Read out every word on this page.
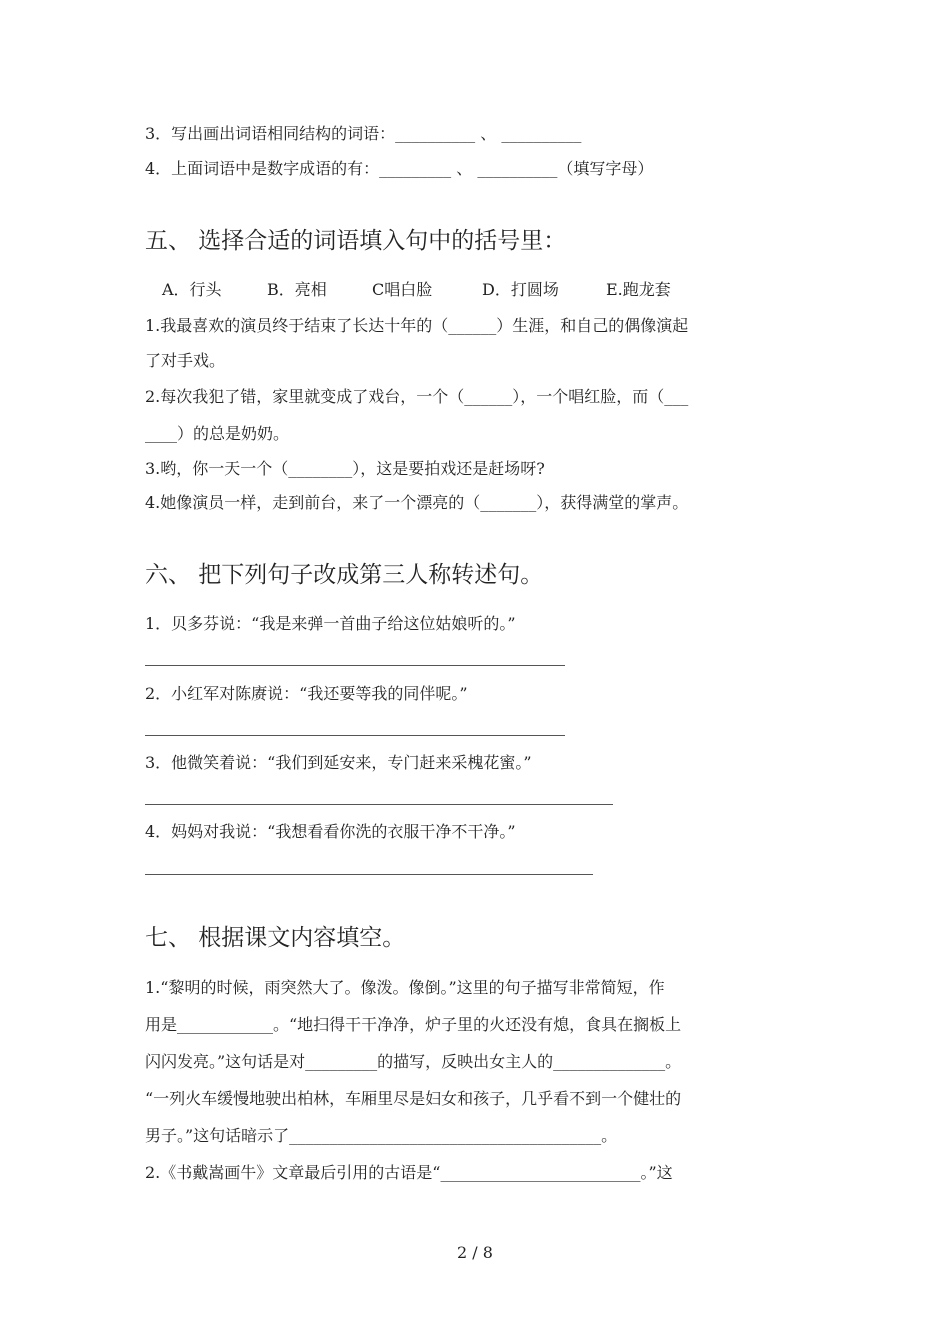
3．写出画出词语相同结构的词语：__________ 、 __________
4．上面词语中是数字成语的有：_________ 、 __________（填写字母）
五、 选择合适的词语填入句中的括号里：

A．行头

	B．亮相

	C唱白脸

	D．打圆场

	E.跑龙套

1.我最喜欢的演员终于结束了长达十年的（______）生涯，和自己的偶像演起
了对手戏。
2.每次我犯了错，家里就变成了戏台，一个（______），一个唱红脸，而（___
____）的总是奶奶。
3.哟，你一天一个（________），这是要拍戏还是赶场呀?
4.她像演员一样，走到前台，来了一个漂亮的（_______），获得满堂的掌声。
六、 把下列句子改成第三人称转述句。
1．贝多芬说：“我是来弹一首曲子给这位姑娘听的。”
2．小红军对陈赓说：“我还要等我的同伴呢。”
3．他微笑着说：“我们到延安来，专门赶来采槐花蜜。”
4．妈妈对我说：“我想看看你洗的衣服干净不干净。”
七、 根据课文内容填空。
1.“黎明的时候，雨突然大了。像泼。像倒。”这里的句子描写非常简短，作
用是____________。“地扫得干干净净，炉子里的火还没有熄，食具在搁板上
闪闪发亮。”这句话是对_________的描写，反映出女主人的______________。
“一列火车缓慢地驶出柏林，车厢里尽是妇女和孩子，几乎看不到一个健壮的
男子。”这句话暗示了_______________________________________。
2.《书戴嵩画牛》文章最后引用的古语是“_________________________。”这
2 / 8
